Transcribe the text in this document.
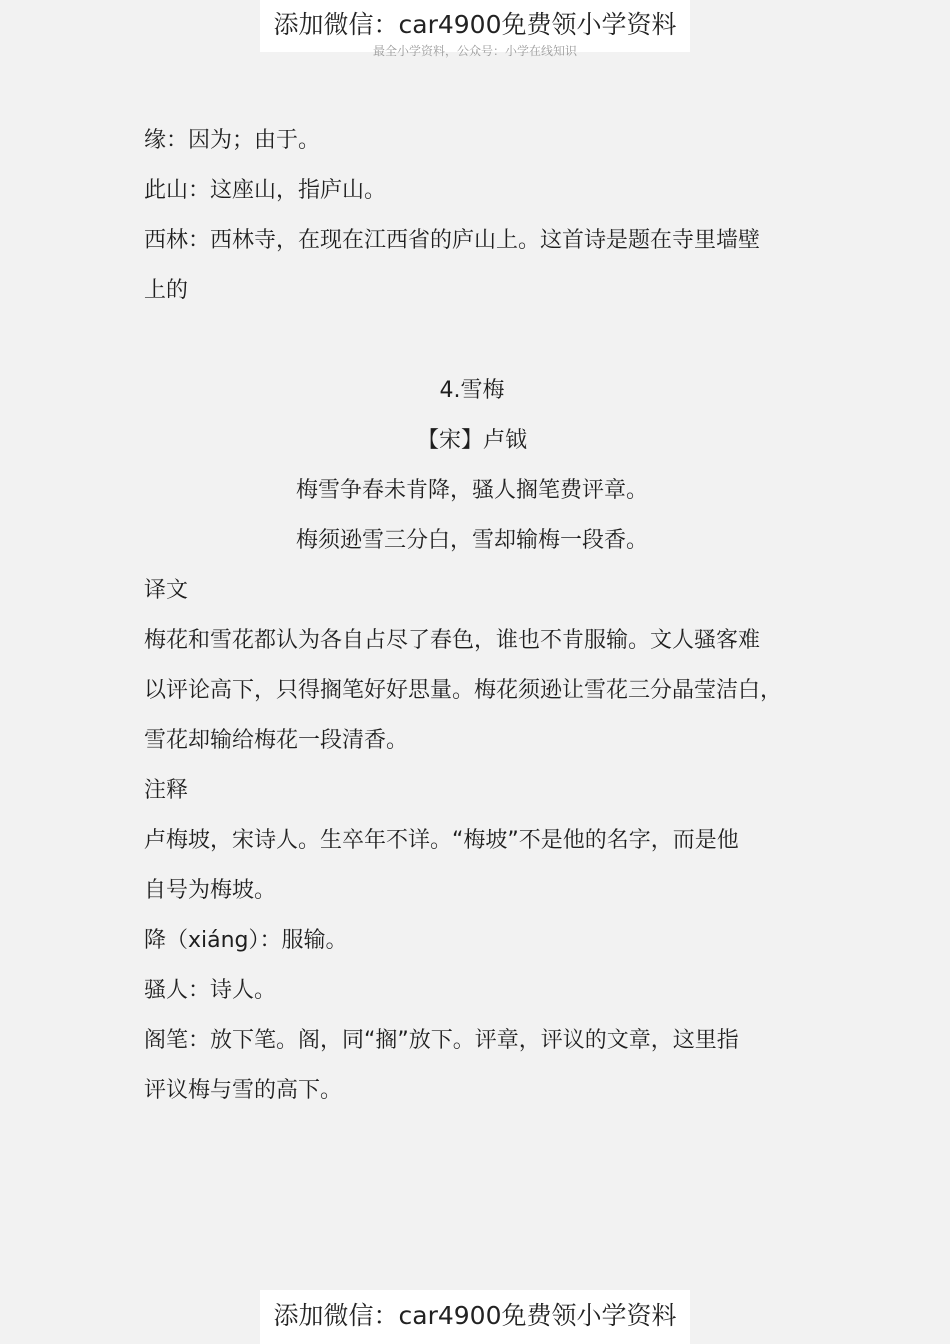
添加微信：car4900免费领小学资料
最全小学资料，公众号：小学在线知识
缘：因为；由于。
此山：这座山，指庐山。
西林：西林寺，在现在江西省的庐山上。这首诗是题在寺里墙壁
上的
4.雪梅
【宋】卢钺
梅雪争春未肯降，骚人搁笔费评章。
梅须逊雪三分白，雪却输梅一段香。
译文
梅花和雪花都认为各自占尽了春色，谁也不肯服输。文人骚客难
以评论高下，只得搁笔好好思量。梅花须逊让雪花三分晶莹洁白，
雪花却输给梅花一段清香。
注释
卢梅坡，宋诗人。生卒年不详。“梅坡”不是他的名字，而是他
自号为梅坡。
降（xiáng）：服输。
骚人：诗人。
阁笔：放下笔。阁，同“搁”放下。评章，评议的文章，这里指
评议梅与雪的高下。
添加微信：car4900免费领小学资料
